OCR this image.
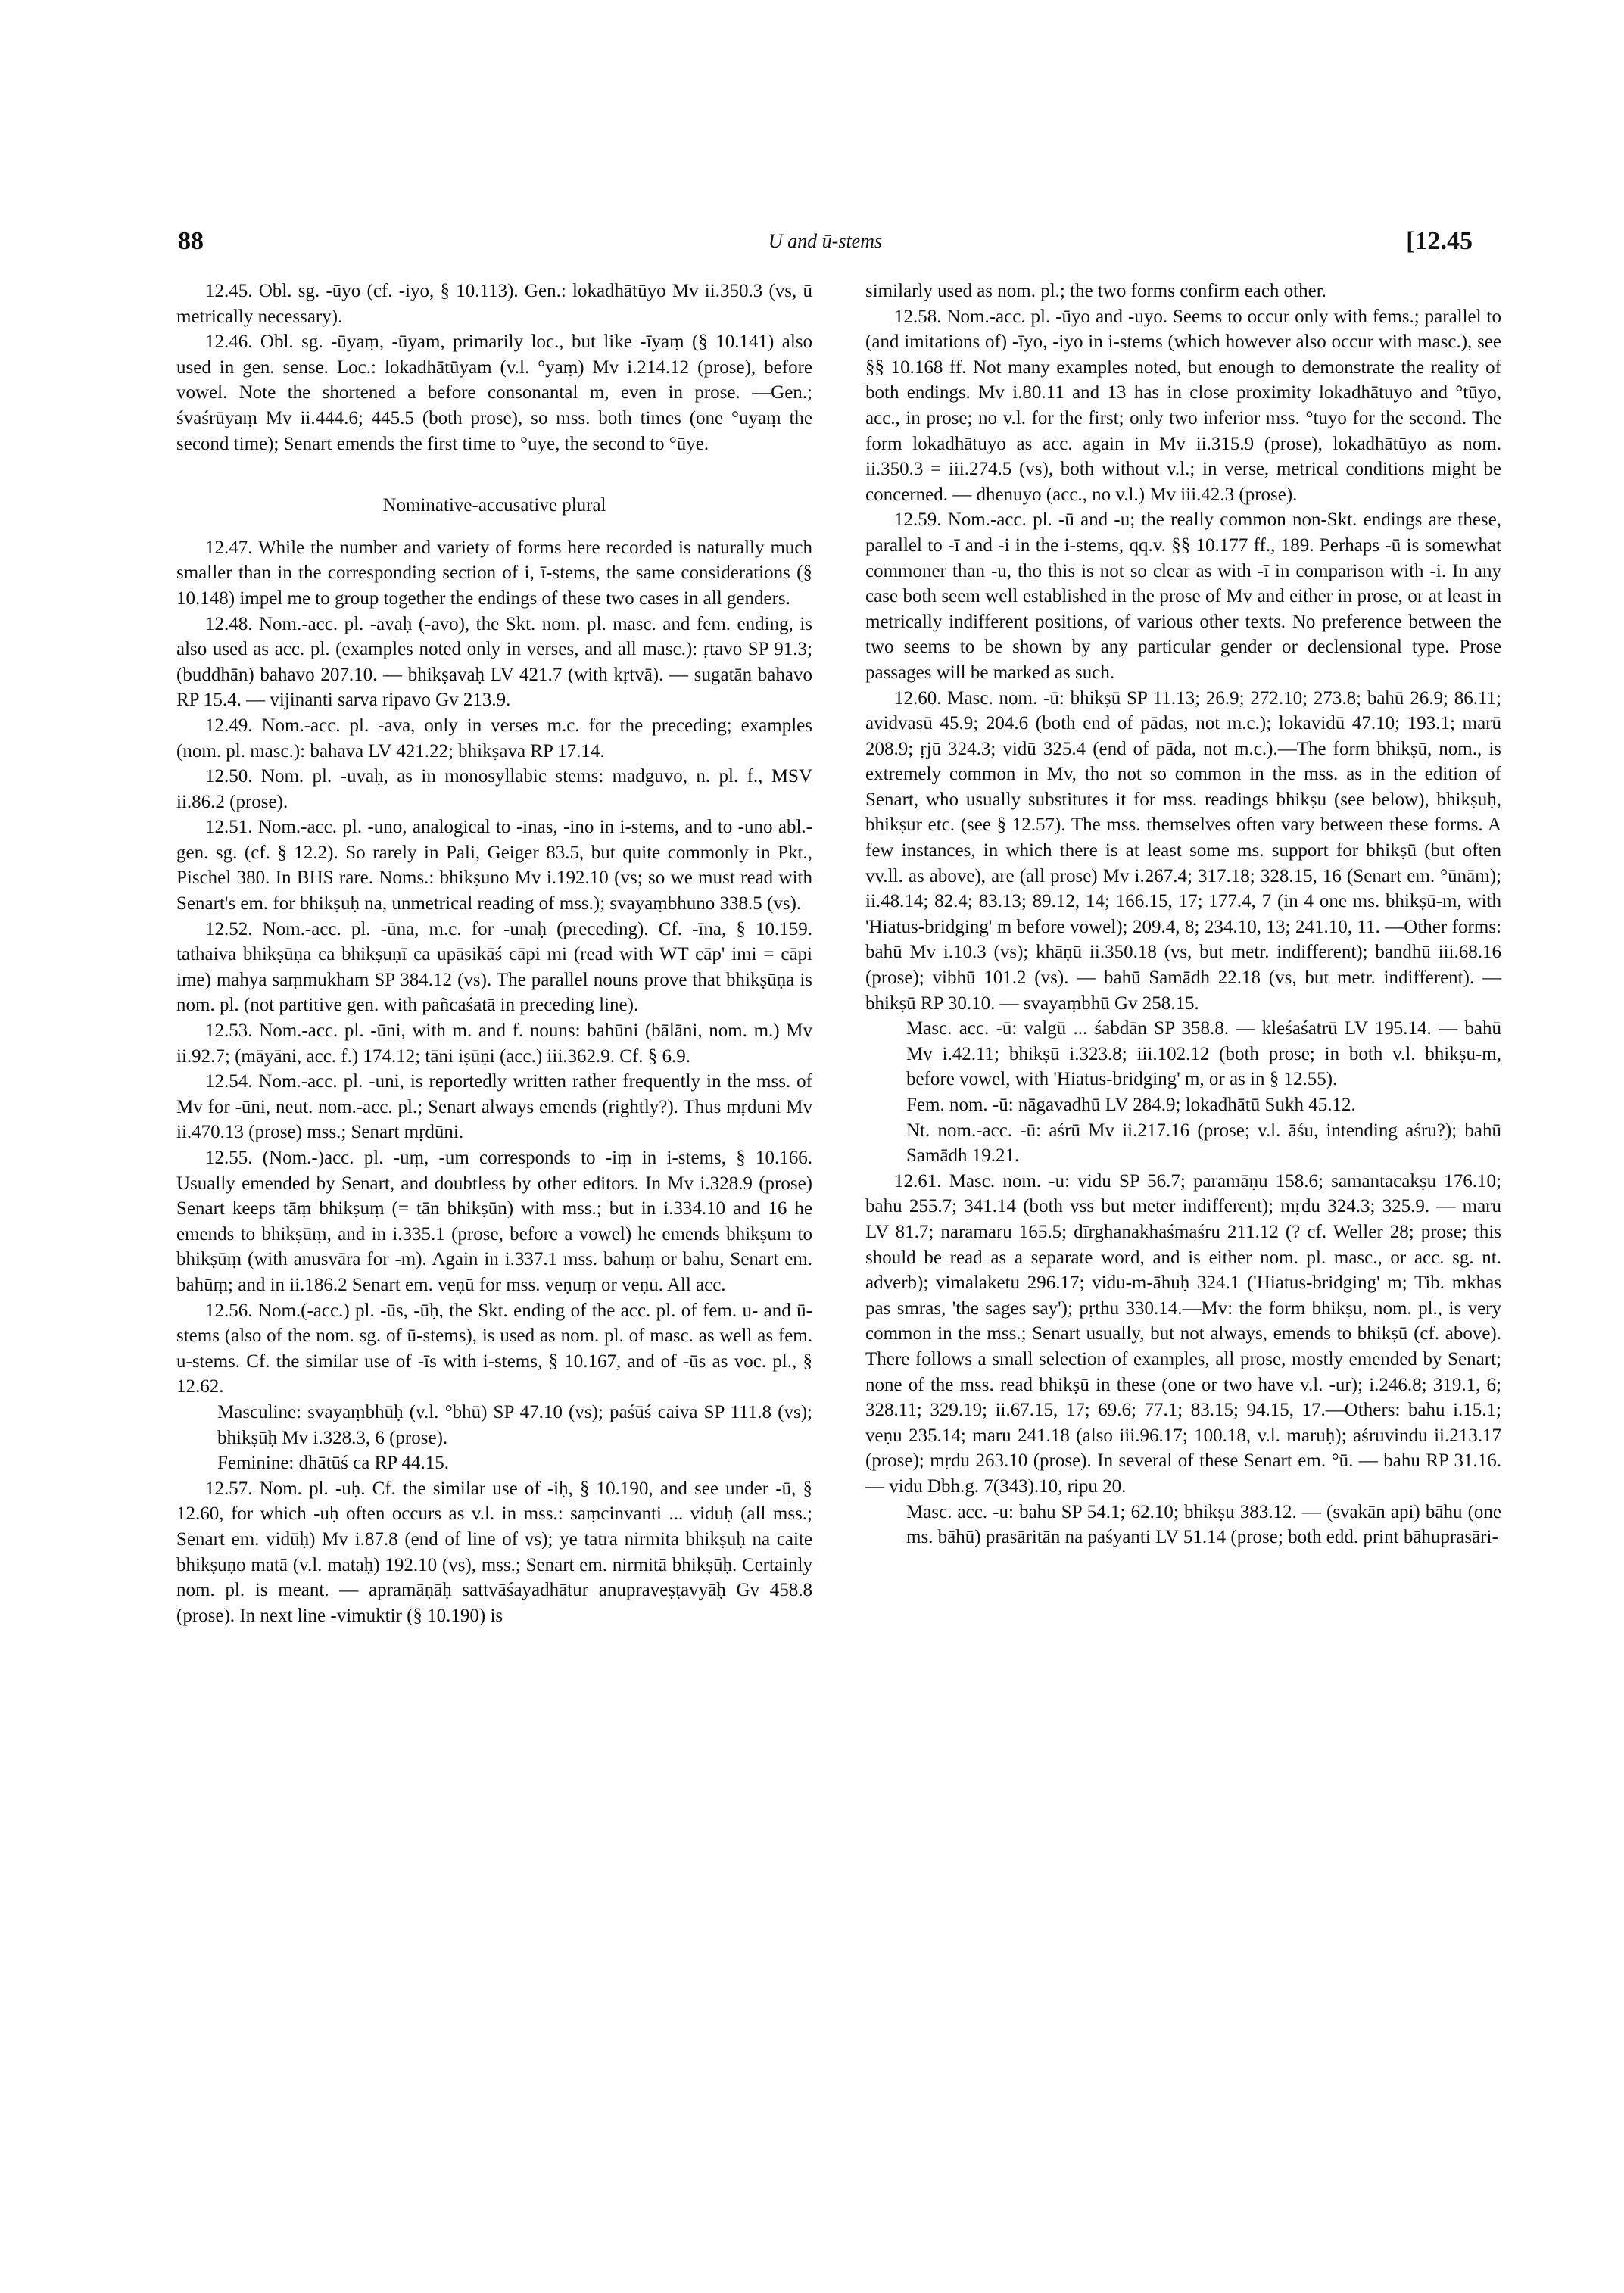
88	U and ū-stems	[12.45

12.45. Obl. sg. -ūyo (cf. -iyo, § 10.113). Gen.: lokadhātūyo Mv ii.350.3 (vs, ū metrically necessary).

12.46. Obl. sg. -ūyaṃ, -ūyam, primarily loc., but like -īyaṃ (§ 10.141) also used in gen. sense. Loc.: lokadhātūyam (v.l. °yaṃ) Mv i.214.12 (prose), before vowel. Note the shortened a before consonantal m, even in prose. —Gen.; śvaśrūyaṃ Mv ii.444.6; 445.5 (both prose), so mss. both times (one °uyaṃ the second time); Senart emends the first time to °uye, the second to °ūye.

Nominative-accusative plural

12.47. While the number and variety of forms here recorded is naturally much smaller than in the corresponding section of i, ī-stems, the same considerations (§ 10.148) impel me to group together the endings of these two cases in all genders.

12.48. Nom.-acc. pl. -avaḥ (-avo), the Skt. nom. pl. masc. and fem. ending, is also used as acc. pl. (examples noted only in verses, and all masc.): ṛtavo SP 91.3; (buddhān) bahavo 207.10. — bhikṣavaḥ LV 421.7 (with kṛtvā). — sugatān bahavo RP 15.4. — vijinanti sarva ripavo Gv 213.9.

12.49. Nom.-acc. pl. -ava, only in verses m.c. for the preceding; examples (nom. pl. masc.): bahava LV 421.22; bhikṣava RP 17.14.

12.50. Nom. pl. -uvaḥ, as in monosyllabic stems: madguvo, n. pl. f., MSV ii.86.2 (prose).

12.51. Nom.-acc. pl. -uno, analogical to -inas, -ino in i-stems, and to -uno abl.-gen. sg. (cf. § 12.2). So rarely in Pali, Geiger 83.5, but quite commonly in Pkt., Pischel 380. In BHS rare. Noms.: bhikṣuno Mv i.192.10 (vs; so we must read with Senart's em. for bhikṣuḥ na, unmetrical reading of mss.); svayaṃbhuno 338.5 (vs).

12.52. Nom.-acc. pl. -ūna, m.c. for -unaḥ (preceding). Cf. -īna, § 10.159. tathaiva bhikṣūṇa ca bhikṣuṇī ca upāsikāś cāpi mi (read with WT cāp' imi = cāpi ime) mahya saṃmukham SP 384.12 (vs). The parallel nouns prove that bhikṣūṇa is nom. pl. (not partitive gen. with pañcaśatā in preceding line).

12.53. Nom.-acc. pl. -ūni, with m. and f. nouns: bahūni (bālāni, nom. m.) Mv ii.92.7; (māyāni, acc. f.) 174.12; tāni iṣūṇi (acc.) iii.362.9. Cf. § 6.9.

12.54. Nom.-acc. pl. -uni, is reportedly written rather frequently in the mss. of Mv for -ūni, neut. nom.-acc. pl.; Senart always emends (rightly?). Thus mṛduni Mv ii.470.13 (prose) mss.; Senart mṛdūni.

12.55. (Nom.-)acc. pl. -uṃ, -um corresponds to -iṃ in i-stems, § 10.166. Usually emended by Senart, and doubtless by other editors. In Mv i.328.9 (prose) Senart keeps tāṃ bhikṣuṃ (= tān bhikṣūn) with mss.; but in i.334.10 and 16 he emends to bhikṣūṃ, and in i.335.1 (prose, before a vowel) he emends bhikṣum to bhikṣūṃ (with anusvāra for -m). Again in i.337.1 mss. bahuṃ or bahu, Senart em. bahūṃ; and in ii.186.2 Senart em. veṇū for mss. veṇuṃ or veṇu. All acc.

12.56. Nom.(-acc.) pl. -ūs, -ūḥ, the Skt. ending of the acc. pl. of fem. u- and ū-stems (also of the nom. sg. of ū-stems), is used as nom. pl. of masc. as well as fem. u-stems. Cf. the similar use of -īs with i-stems, § 10.167, and of -ūs as voc. pl., § 12.62.

Masculine: svayaṃbhūḥ (v.l. °bhū) SP 47.10 (vs); paśūś caiva SP 111.8 (vs); bhikṣūḥ Mv i.328.3, 6 (prose).

Feminine: dhātūś ca RP 44.15.

12.57. Nom. pl. -uḥ. Cf. the similar use of -iḥ, § 10.190, and see under -ū, § 12.60, for which -uḥ often occurs as v.l. in mss.: saṃcinvanti ... viduḥ (all mss.; Senart em. vidūḥ) Mv i.87.8 (end of line of vs); ye tatra nirmita bhikṣuḥ na caite bhikṣuṇo matā (v.l. mataḥ) 192.10 (vs), mss.; Senart em. nirmitā bhikṣūḥ. Certainly nom. pl. is meant. — apramāṇāḥ sattvāśayadhātur anupraveṣṭavyāḥ Gv 458.8 (prose). In next line -vimuktir (§ 10.190) is

similarly used as nom. pl.; the two forms confirm each other.

12.58. Nom.-acc. pl. -ūyo and -uyo. Seems to occur only with fems.; parallel to (and imitations of) -īyo, -iyo in i-stems (which however also occur with masc.), see §§ 10.168 ff. Not many examples noted, but enough to demonstrate the reality of both endings. Mv i.80.11 and 13 has in close proximity lokadhātuyo and °tūyo, acc., in prose; no v.l. for the first; only two inferior mss. °tuyo for the second. The form lokadhātuyo as acc. again in Mv ii.315.9 (prose), lokadhātūyo as nom. ii.350.3 = iii.274.5 (vs), both without v.l.; in verse, metrical conditions might be concerned. — dhenuyo (acc., no v.l.) Mv iii.42.3 (prose).

12.59. Nom.-acc. pl. -ū and -u; the really common non-Skt. endings are these, parallel to -ī and -i in the i-stems, qq.v. §§ 10.177 ff., 189. Perhaps -ū is somewhat commoner than -u, tho this is not so clear as with -ī in comparison with -i. In any case both seem well established in the prose of Mv and either in prose, or at least in metrically indifferent positions, of various other texts. No preference between the two seems to be shown by any particular gender or declensional type. Prose passages will be marked as such.

12.60. Masc. nom. -ū: bhikṣū SP 11.13; 26.9; 272.10; 273.8; bahū 26.9; 86.11; avidvasū 45.9; 204.6 (both end of pādas, not m.c.); lokavidū 47.10; 193.1; marū 208.9; ṛjū 324.3; vidū 325.4 (end of pāda, not m.c.).—The form bhikṣū, nom., is extremely common in Mv, tho not so common in the mss. as in the edition of Senart, who usually substitutes it for mss. readings bhikṣu (see below), bhikṣuḥ, bhikṣur etc. (see § 12.57). The mss. themselves often vary between these forms. A few instances, in which there is at least some ms. support for bhikṣū (but often vv.ll. as above), are (all prose) Mv i.267.4; 317.18; 328.15, 16 (Senart em. °ūnām); ii.48.14; 82.4; 83.13; 89.12, 14; 166.15, 17; 177.4, 7 (in 4 one ms. bhikṣū-m, with 'Hiatus-bridging' m before vowel); 209.4, 8; 234.10, 13; 241.10, 11. —Other forms: bahū Mv i.10.3 (vs); khāṇū ii.350.18 (vs, but metr. indifferent); bandhū iii.68.16 (prose); vibhū 101.2 (vs). — bahū Samādh 22.18 (vs, but metr. indifferent). — bhikṣū RP 30.10. — svayaṃbhū Gv 258.15.

Masc. acc. -ū: valgū ... śabdān SP 358.8. — kleśaśatrū LV 195.14. — bahū Mv i.42.11; bhikṣū i.323.8; iii.102.12 (both prose; in both v.l. bhikṣu-m, before vowel, with 'Hiatus-bridging' m, or as in § 12.55).

Fem. nom. -ū: nāgavadhū LV 284.9; lokadhātū Sukh 45.12.

Nt. nom.-acc. -ū: aśrū Mv ii.217.16 (prose; v.l. āśu, intending aśru?); bahū Samādh 19.21.

12.61. Masc. nom. -u: vidu SP 56.7; paramāṇu 158.6; samantacakṣu 176.10; bahu 255.7; 341.14 (both vss but meter indifferent); mṛdu 324.3; 325.9. — maru LV 81.7; naramaru 165.5; dīrghanakhaśmaśru 211.12 (? cf. Weller 28; prose; this should be read as a separate word, and is either nom. pl. masc., or acc. sg. nt. adverb); vimalaketu 296.17; vidu-m-āhuḥ 324.1 ('Hiatus-bridging' m; Tib. mkhas pas smras, 'the sages say'); pṛthu 330.14.—Mv: the form bhikṣu, nom. pl., is very common in the mss.; Senart usually, but not always, emends to bhikṣū (cf. above). There follows a small selection of examples, all prose, mostly emended by Senart; none of the mss. read bhikṣū in these (one or two have v.l. -ur); i.246.8; 319.1, 6; 328.11; 329.19; ii.67.15, 17; 69.6; 77.1; 83.15; 94.15, 17.—Others: bahu i.15.1; veṇu 235.14; maru 241.18 (also iii.96.17; 100.18, v.l. maruḥ); aśruvindu ii.213.17 (prose); mṛdu 263.10 (prose). In several of these Senart em. °ū. — bahu RP 31.16. — vidu Dbh.g. 7(343).10, ripu 20.

Masc. acc. -u: bahu SP 54.1; 62.10; bhikṣu 383.12. — (svakān api) bāhu (one ms. bāhū) prasāritān na paśyanti LV 51.14 (prose; both edd. print bāhuprasāri-
